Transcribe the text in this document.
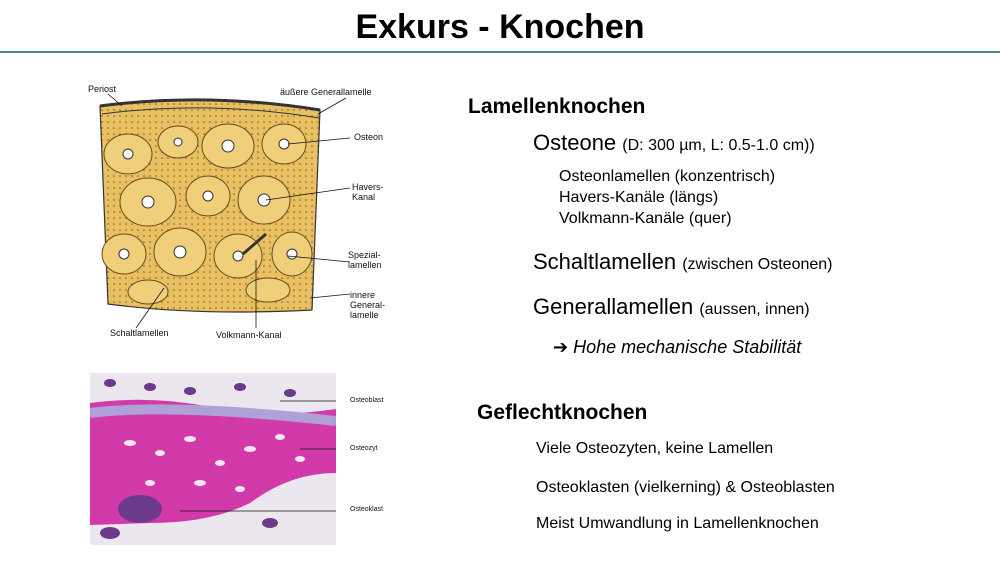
Exkurs - Knochen
Periost	äußere Generallamelle
Osteon
Havers-
Kanal
Spezial-
lamellen
innere
General-
lamelle
Schaltlamellen	Volkmann-Kanal
Osteoblast
Osteozyt
Osteoklast
Lamellenknochen
Osteone (D: 300 µm, L: 0.5-1.0 cm))
Osteonlamellen (konzentrisch)
Havers-Kanäle (längs)
Volkmann-Kanäle (quer)
Schaltlamellen (zwischen Osteonen)
Generallamellen (aussen, innen)
➔ Hohe mechanische Stabilität
Geflechtknochen
Viele Osteozyten, keine Lamellen
Osteoklasten (vielkerning) & Osteoblasten
Meist Umwandlung in Lamellenknochen
